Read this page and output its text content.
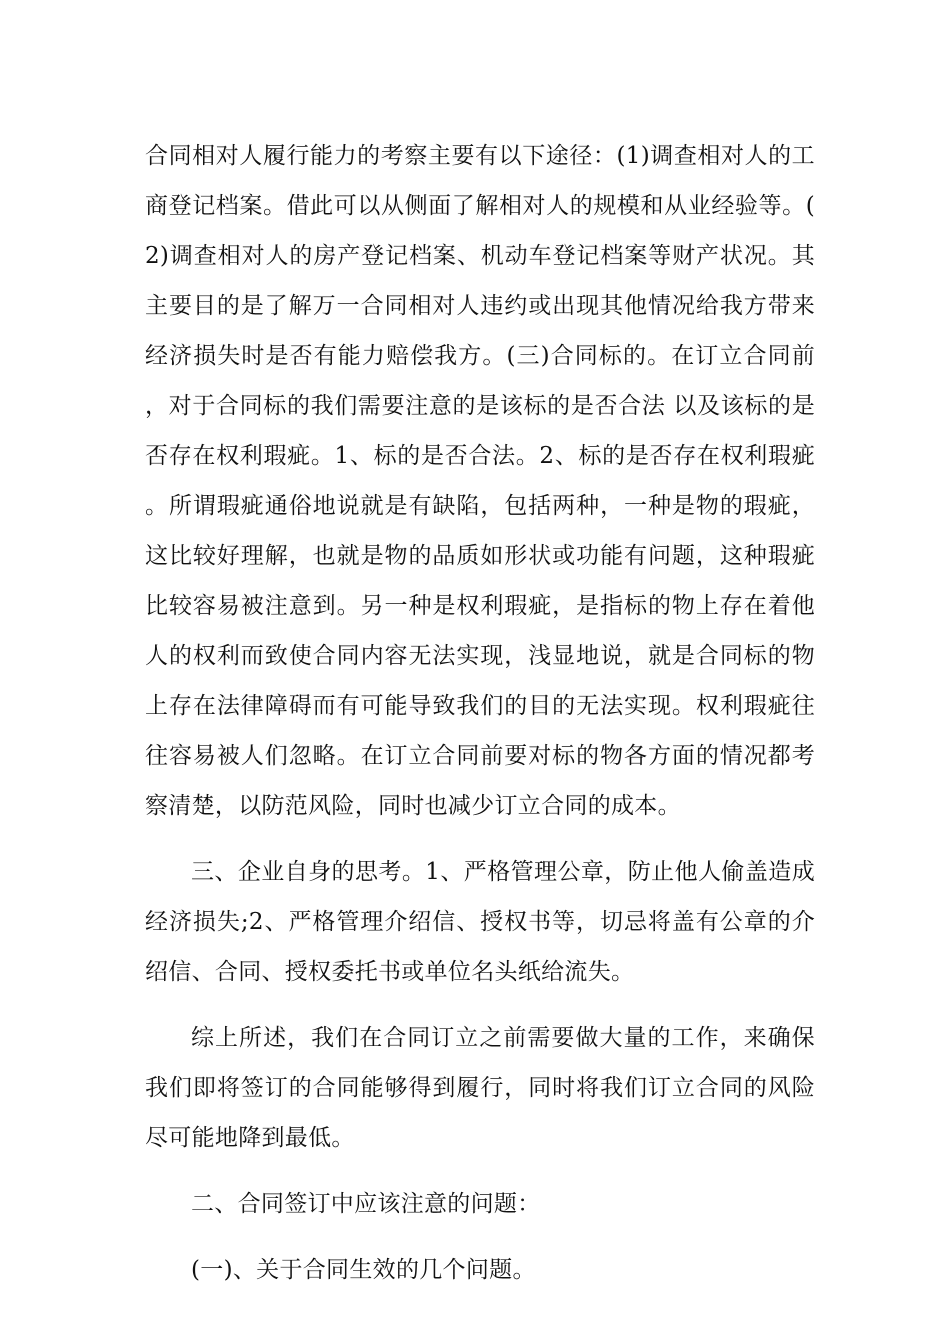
合同相对人履行能力的考察主要有以下途径：(1)调查相对人的工商登记档案。借此可以从侧面了解相对人的规模和从业经验等。(2)调查相对人的房产登记档案、机动车登记档案等财产状况。其主要目的是了解万一合同相对人违约或出现其他情况给我方带来经济损失时是否有能力赔偿我方。(三)合同标的。在订立合同前，对于合同标的我们需要注意的是该标的是否合法 以及该标的是否存在权利瑕疵。1、标的是否合法。2、标的是否存在权利瑕疵。所谓瑕疵通俗地说就是有缺陷，包括两种，一种是物的瑕疵，这比较好理解，也就是物的品质如形状或功能有问题，这种瑕疵比较容易被注意到。另一种是权利瑕疵，是指标的物上存在着他人的权利而致使合同内容无法实现，浅显地说，就是合同标的物上存在法律障碍而有可能导致我们的目的无法实现。权利瑕疵往往容易被人们忽略。在订立合同前要对标的物各方面的情况都考察清楚，以防范风险，同时也减少订立合同的成本。

三、企业自身的思考。1、严格管理公章，防止他人偷盖造成经济损失;2、严格管理介绍信、授权书等，切忌将盖有公章的介绍信、合同、授权委托书或单位名头纸给流失。

综上所述，我们在合同订立之前需要做大量的工作，来确保我们即将签订的合同能够得到履行，同时将我们订立合同的风险尽可能地降到最低。

二、合同签订中应该注意的问题：

(一)、关于合同生效的几个问题。
